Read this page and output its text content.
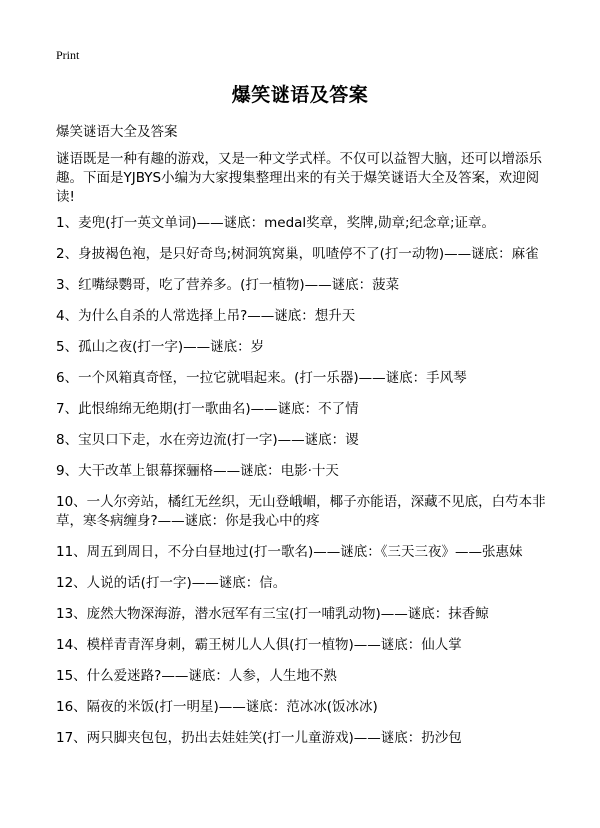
Print
爆笑谜语及答案
爆笑谜语大全及答案
谜语既是一种有趣的游戏，又是一种文学式样。不仅可以益智大脑，还可以增添乐趣。下面是YJBYS小编为大家搜集整理出来的有关于爆笑谜语大全及答案，欢迎阅读!
1、麦兜(打一英文单词)——谜底：medal奖章，奖牌,勋章;纪念章;证章。
2、身披褐色袍，是只好奇鸟;树洞筑窝巢，叽喳停不了(打一动物)——谜底：麻雀
3、红嘴绿鹦哥，吃了营养多。(打一植物)——谜底：菠菜
4、为什么自杀的人常选择上吊?——谜底：想升天
5、孤山之夜(打一字)——谜底：岁
6、一个风箱真奇怪，一拉它就唱起来。(打一乐器)——谜底：手风琴
7、此恨绵绵无绝期(打一歌曲名)——谜底：不了情
8、宝贝口下走，水在旁边流(打一字)——谜底：谡
9、大干改革上银幕探骊格——谜底：电影·十天
10、一人尔旁站，橘红无丝织，无山登峨嵋，椰子亦能语，深藏不见底，白芍本非草，寒冬病缠身?——谜底：你是我心中的疼
11、周五到周日，不分白昼地过(打一歌名)——谜底：《三天三夜》——张惠妹
12、人说的话(打一字)——谜底：信。
13、庞然大物深海游，潜水冠军有三宝(打一哺乳动物)——谜底：抹香鲸
14、模样青青浑身刺，霸王树儿人人俱(打一植物)——谜底：仙人掌
15、什么爱迷路?——谜底：人参，人生地不熟
16、隔夜的米饭(打一明星)——谜底：范冰冰(饭冰冰)
17、两只脚夹包包，扔出去娃娃笑(打一儿童游戏)——谜底：扔沙包
